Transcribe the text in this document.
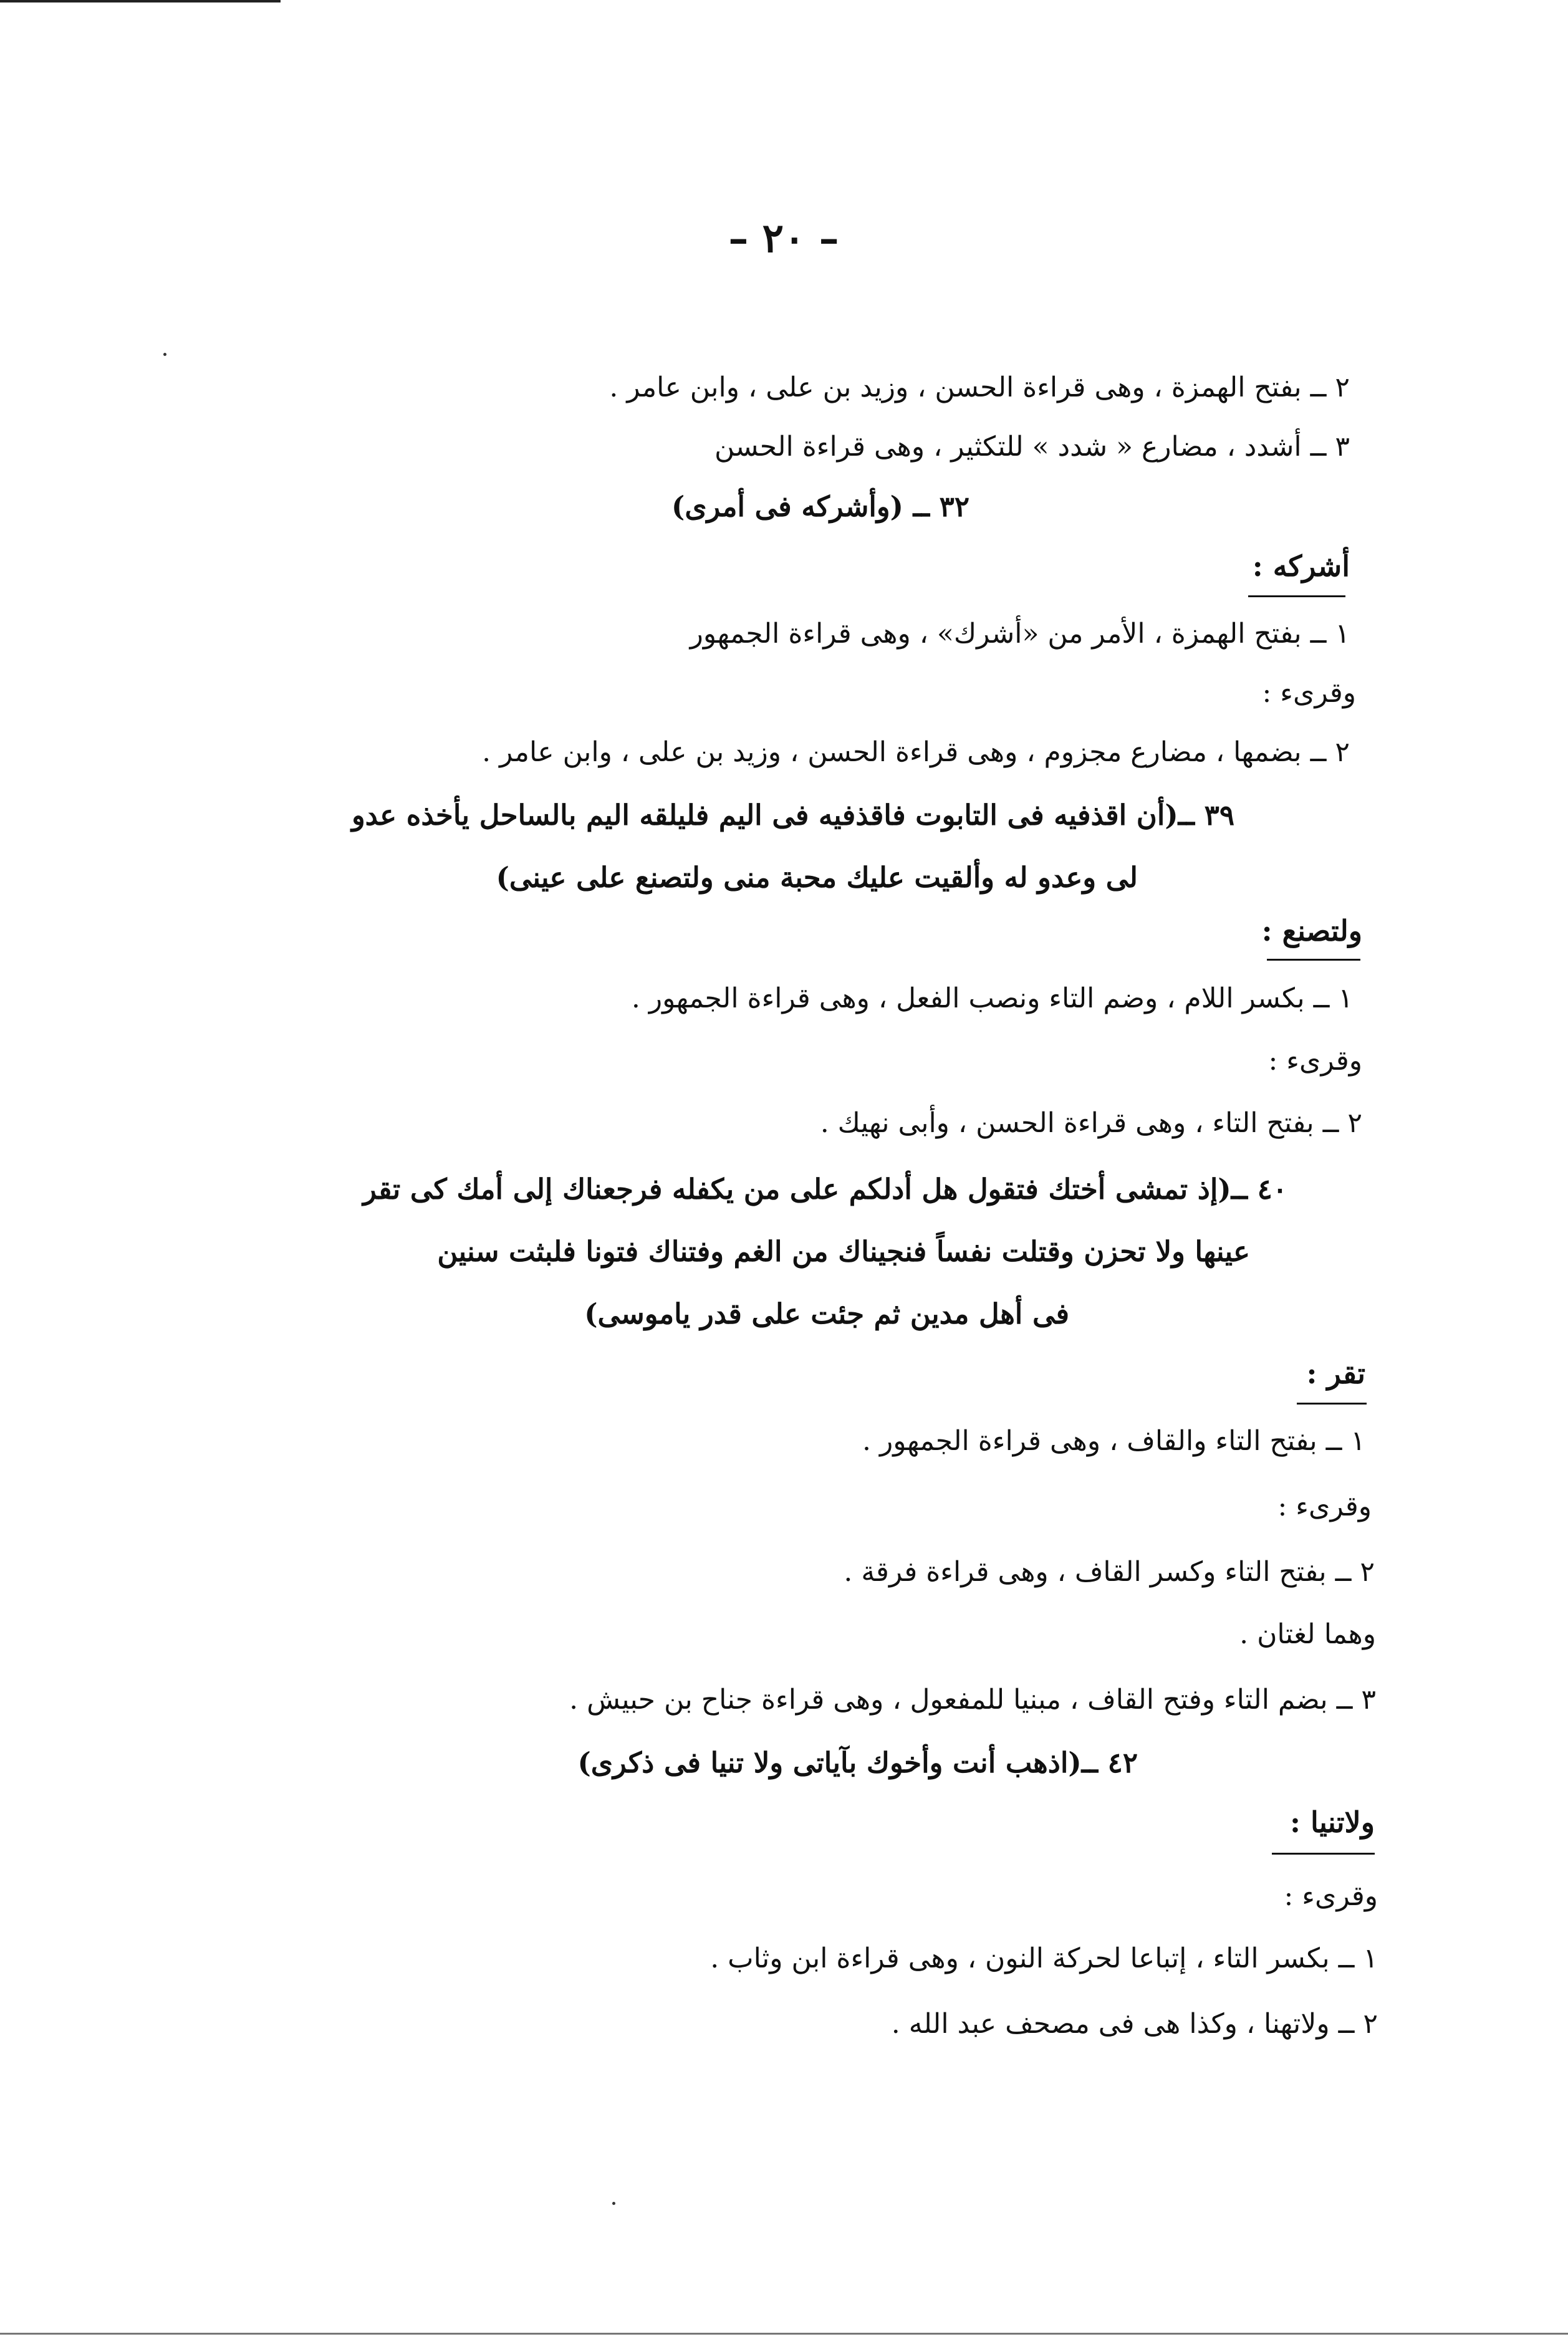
– ٢٠ –
٢ ــ بفتح الهمزة ، وهى قراءة الحسن ، وزيد بن على ، وابن عامر .
٣ ــ أشدد ، مضارع « شدد » للتكثير ، وهى قراءة الحسن
٣٢ ــ (وأشركه فى أمرى)
أشركه :
١ ــ بفتح الهمزة ، الأمر من «أشرك» ، وهى قراءة الجمهور
وقرىء :
٢ ــ بضمها ، مضارع مجزوم ، وهى قراءة الحسن ، وزيد بن على ، وابن عامر .
٣٩ ــ(أن اقذفيه فى التابوت فاقذفيه فى اليم فليلقه اليم بالساحل يأخذه عدو
لى وعدو له وألقيت عليك محبة منى ولتصنع على عينى)
ولتصنع :
١ ــ بكسر اللام ، وضم التاء ونصب الفعل ، وهى قراءة الجمهور .
وقرىء :
٢ ــ بفتح التاء ، وهى قراءة الحسن ، وأبى نهيك .
٤٠ ــ(إذ تمشى أختك فتقول هل أدلكم على من يكفله فرجعناك إلى أمك كى تقر
عينها ولا تحزن وقتلت نفساً فنجيناك من الغم وفتناك فتونا فلبثت سنين
فى أهل مدين ثم جئت على قدر ياموسى)
تقر :
١ ــ بفتح التاء والقاف ، وهى قراءة الجمهور .
وقرىء :
٢ ــ بفتح التاء وكسر القاف ، وهى قراءة فرقة .
وهما لغتان .
٣ ــ بضم التاء وفتح القاف ، مبنيا للمفعول ، وهى قراءة جناح بن حبيش .
٤٢ ــ(اذهب أنت وأخوك بآياتى ولا تنيا فى ذكرى)
ولاتنيا :
وقرىء :
١ ــ بكسر التاء ، إتباعا لحركة النون ، وهى قراءة ابن وثاب .
٢ ــ ولاتهنا ، وكذا هى فى مصحف عبد الله .
